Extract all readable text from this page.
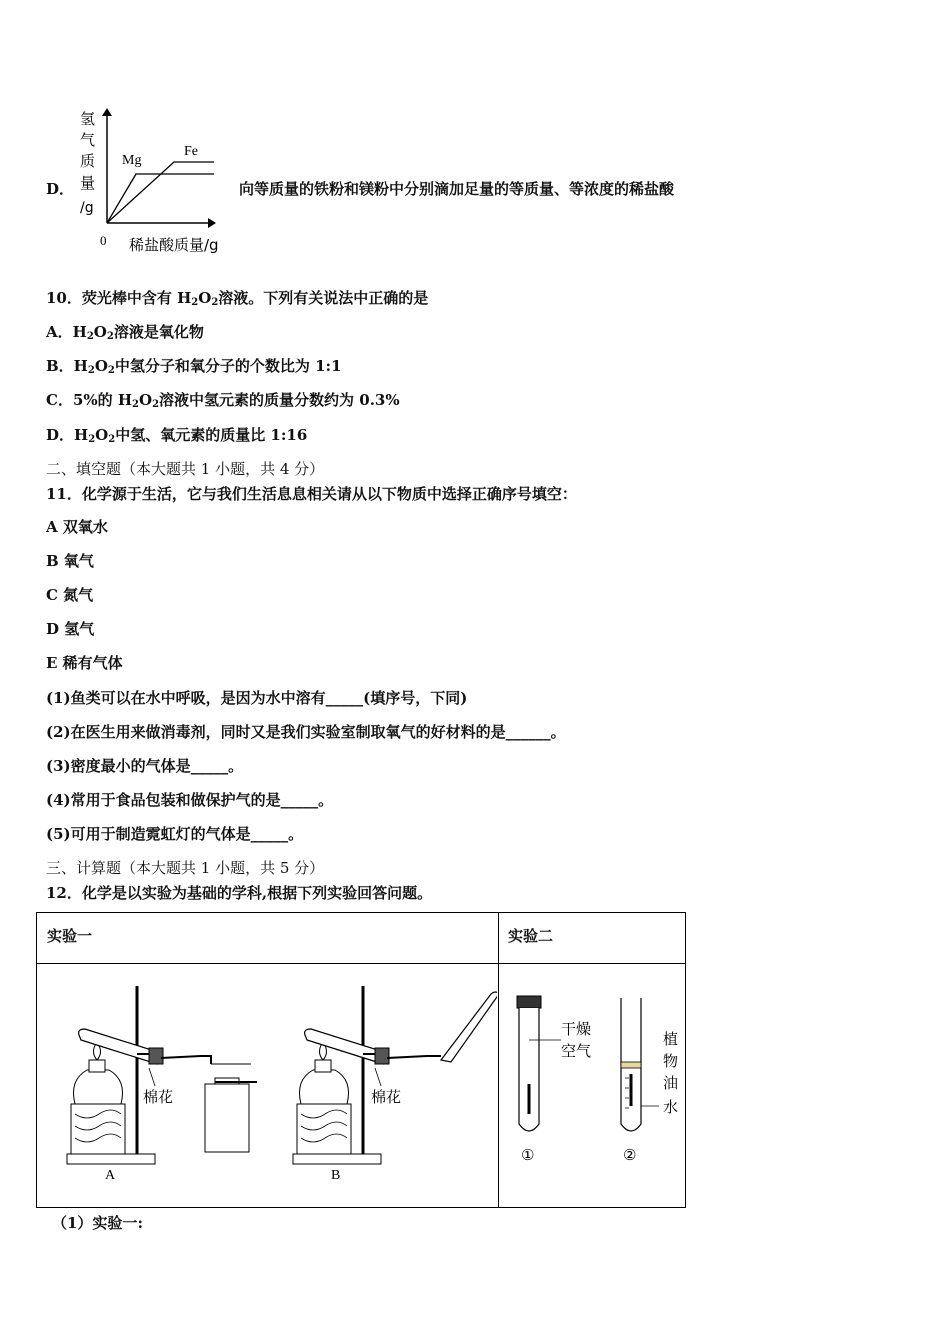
D．
氢
气
质
量
/g
Mg
Fe
0 稀盐酸质量/g
向等质量的铁粉和镁粉中分别滴加足量的等质量、等浓度的稀盐酸
10．荧光棒中含有 $H_2O_2$溶液。下列有关说法中正确的是
A．$H_2O_2$溶液是氧化物
B．$H_2O_2$中氢分子和氧分子的个数比为 1:1
C．5%的 $H_2O_2$溶液中氢元素的质量分数约为 0.3%
D．$H_2O_2$中氢、氧元素的质量比 1:16
二、填空题（本大题共 1 小题，共 4 分）
11．化学源于生活，它与我们生活息息相关请从以下物质中选择正确序号填空：
A 双氧水
B 氧气
C 氮气
D 氢气
E 稀有气体
(1)鱼类可以在水中呼吸，是因为水中溶有_____(填序号，下同)
(2)在医生用来做消毒剂，同时又是我们实验室制取氧气的好材料的是______。
(3)密度最小的气体是_____。
(4)常用于食品包装和做保护气的是_____。
(5)可用于制造霓虹灯的气体是_____。
三、计算题（本大题共 1 小题，共 5 分）
12．化学是以实验为基础的学科,根据下列实验回答问题。
实验一	实验二
棉花
A
棉花
B
干燥
空气
①
植
物
油
水
②
（1）实验一:
